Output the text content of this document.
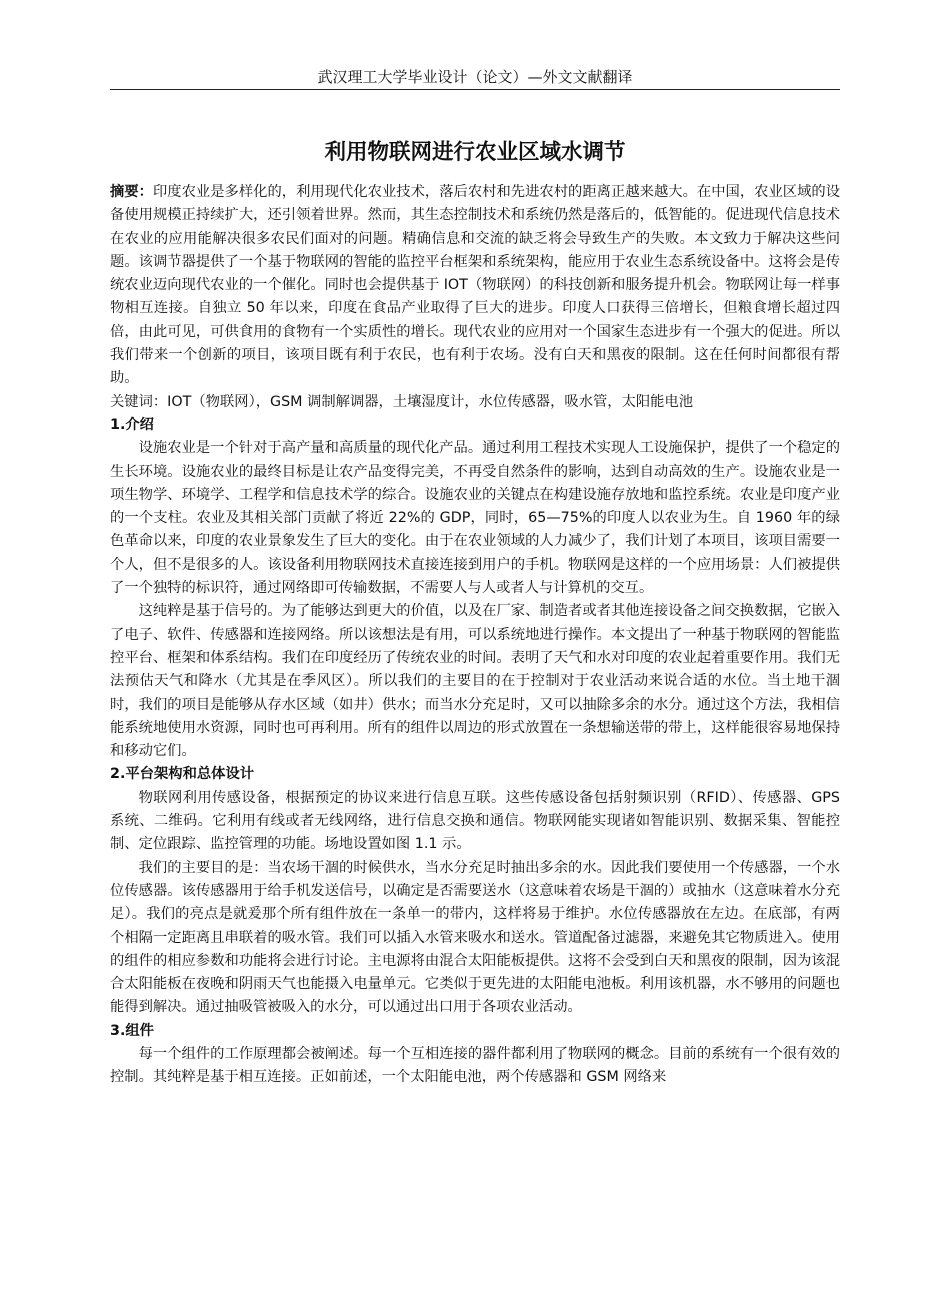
武汉理工大学毕业设计（论文）—外文文献翻译
利用物联网进行农业区域水调节

摘要：印度农业是多样化的，利用现代化农业技术，落后农村和先进农村的距离正越来越大。在中国，农业区域的设备使用规模正持续扩大，还引领着世界。然而，其生态控制技术和系统仍然是落后的，低智能的。促进现代信息技术在农业的应用能解决很多农民们面对的问题。精确信息和交流的缺乏将会导致生产的失败。本文致力于解决这些问题。该调节器提供了一个基于物联网的智能的监控平台框架和系统架构，能应用于农业生态系统设备中。这将会是传统农业迈向现代农业的一个催化。同时也会提供基于 IOT（物联网）的科技创新和服务提升机会。物联网让每一样事物相互连接。自独立 50 年以来，印度在食品产业取得了巨大的进步。印度人口获得三倍增长，但粮食增长超过四倍，由此可见，可供食用的食物有一个实质性的增长。现代农业的应用对一个国家生态进步有一个强大的促进。所以我们带来一个创新的项目，该项目既有利于农民，也有利于农场。没有白天和黑夜的限制。这在任何时间都很有帮助。

关键词：IOT（物联网），GSM 调制解调器，土壤湿度计，水位传感器，吸水管，太阳能电池

1.介绍

设施农业是一个针对于高产量和高质量的现代化产品。通过利用工程技术实现人工设施保护，提供了一个稳定的生长环境。设施农业的最终目标是让农产品变得完美，不再受自然条件的影响，达到自动高效的生产。设施农业是一项生物学、环境学、工程学和信息技术学的综合。设施农业的关键点在构建设施存放地和监控系统。农业是印度产业的一个支柱。农业及其相关部门贡献了将近 22%的 GDP，同时，65—75%的印度人以农业为生。自 1960 年的绿色革命以来，印度的农业景象发生了巨大的变化。由于在农业领域的人力减少了，我们计划了本项目，该项目需要一个人，但不是很多的人。该设备利用物联网技术直接连接到用户的手机。物联网是这样的一个应用场景：人们被提供了一个独特的标识符，通过网络即可传输数据，不需要人与人或者人与计算机的交互。

这纯粹是基于信号的。为了能够达到更大的价值，以及在厂家、制造者或者其他连接设备之间交换数据，它嵌入了电子、软件、传感器和连接网络。所以该想法是有用，可以系统地进行操作。本文提出了一种基于物联网的智能监控平台、框架和体系结构。我们在印度经历了传统农业的时间。表明了天气和水对印度的农业起着重要作用。我们无法预估天气和降水（尤其是在季风区）。所以我们的主要目的在于控制对于农业活动来说合适的水位。当土地干涸时，我们的项目是能够从存水区域（如井）供水；而当水分充足时，又可以抽除多余的水分。通过这个方法，我相信能系统地使用水资源，同时也可再利用。所有的组件以周边的形式放置在一条想输送带的带上，这样能很容易地保持和移动它们。

2.平台架构和总体设计

物联网利用传感设备，根据预定的协议来进行信息互联。这些传感设备包括射频识别（RFID）、传感器、GPS 系统、二维码。它利用有线或者无线网络，进行信息交换和通信。物联网能实现诸如智能识别、数据采集、智能控制、定位跟踪、监控管理的功能。场地设置如图 1.1 示。

我们的主要目的是：当农场干涸的时候供水，当水分充足时抽出多余的水。因此我们要使用一个传感器，一个水位传感器。该传感器用于给手机发送信号，以确定是否需要送水（这意味着农场是干涸的）或抽水（这意味着水分充足）。我们的亮点是就爰那个所有组件放在一条单一的带内，这样将易于维护。水位传感器放在左边。在底部，有两个相隔一定距离且串联着的吸水管。我们可以插入水管来吸水和送水。管道配备过滤器，来避免其它物质进入。使用的组件的相应参数和功能将会进行讨论。主电源将由混合太阳能板提供。这将不会受到白天和黑夜的限制，因为该混合太阳能板在夜晚和阴雨天气也能摄入电量单元。它类似于更先进的太阳能电池板。利用该机器，水不够用的问题也能得到解决。通过抽吸管被吸入的水分，可以通过出口用于各项农业活动。

3.组件

每一个组件的工作原理都会被阐述。每一个互相连接的器件都利用了物联网的概念。目前的系统有一个很有效的控制。其纯粹是基于相互连接。正如前述，一个太阳能电池，两个传感器和 GSM 网络来
